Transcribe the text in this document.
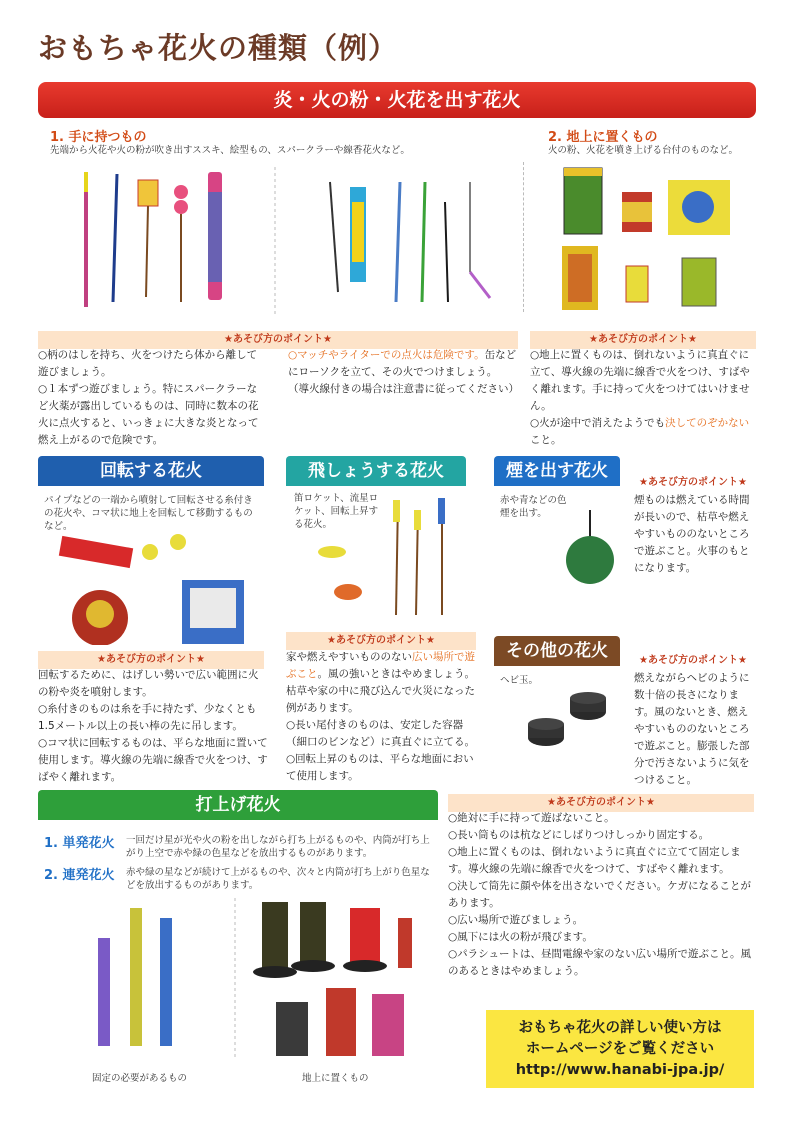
おもちゃ花火の種類（例）
炎・火の粉・火花を出す花火
1. 手に持つもの
先端から火花や火の粉が吹き出すススキ、絵型もの、スパークラーや線香花火など。
2. 地上に置くもの
火の粉、火花を噴き上げる台付のものなど。
★あそび方のポイント★
○柄のはしを持ち、火をつけたら体から離して遊びましょう。
○１本ずつ遊びましょう。特にスパークラーなど火薬が露出しているものは、同時に数本の花火に点火すると、いっきょに大きな炎となって燃え上がるので危険です。
○マッチやライターでの点火は危険です。缶などにローソクを立て、その火でつけましょう。
（導火線付きの場合は注意書に従ってください）
★あそび方のポイント★
○地上に置くものは、倒れないように真直ぐに立て、導火線の先端に線香で火をつけ、すばやく離れます。手に持って火をつけてはいけません。
○火が途中で消えたようでも決してのぞかないこと。
回転する花火
パイプなどの一端から噴射して回転させる糸付きの花火や、コマ状に地上を回転して移動するものなど。
★あそび方のポイント★
回転するために、はげしい勢いで広い範囲に火の粉や炎を噴射します。
○糸付きのものは糸を手に持たず、少なくとも1.5メートル以上の長い棒の先に吊します。
○コマ状に回転するものは、平らな地面に置いて使用します。導火線の先端に線香で火をつけ、すばやく離れます。
飛しょうする花火
笛ロケット、流星ロケット、回転上昇する花火。
★あそび方のポイント★
家や燃えやすいもののない広い場所で遊ぶこと。風の強いときはやめましょう。枯草や家の中に飛び込んで火災になった例があります。
○長い尾付きのものは、安定した容器（細口のビンなど）に真直ぐに立てる。
○回転上昇のものは、平らな地面において使用します。
煙を出す花火
赤や青などの色煙を出す。
★あそび方のポイント★
煙ものは燃えている時間が長いので、枯草や燃えやすいもののないところで遊ぶこと。火事のもとになります。
その他の花火
ヘビ玉。
★あそび方のポイント★
燃えながらヘビのように数十倍の長さになります。風のないとき、燃えやすいもののないところで遊ぶこと。膨張した部分で汚さないように気をつけること。
打上げ花火
1. 単発花火 一回だけ星が光や火の粉を出しながら打ち上がるものや、内筒が打ち上がり上空で赤や緑の色星などを放出するものがあります。
2. 連発花火 赤や緑の星などが続けて上がるものや、次々と内筒が打ち上がり色星などを放出するものがあります。
固定の必要があるもの	地上に置くもの
★あそび方のポイント★
○絶対に手に持って遊ばないこと。
○長い筒ものは杭などにしばりつけしっかり固定する。
○地上に置くものは、倒れないように真直ぐに立てて固定します。導火線の先端に線香で火をつけて、すばやく離れます。
○決して筒先に顔や体を出さないでください。ケガになることがあります。
○広い場所で遊びましょう。
○風下には火の粉が飛びます。
○パラシュートは、昼間電線や家のない広い場所で遊ぶこと。風のあるときはやめましょう。
おもちゃ花火の詳しい使い方は
ホームページをご覧ください
http://www.hanabi-jpa.jp/
